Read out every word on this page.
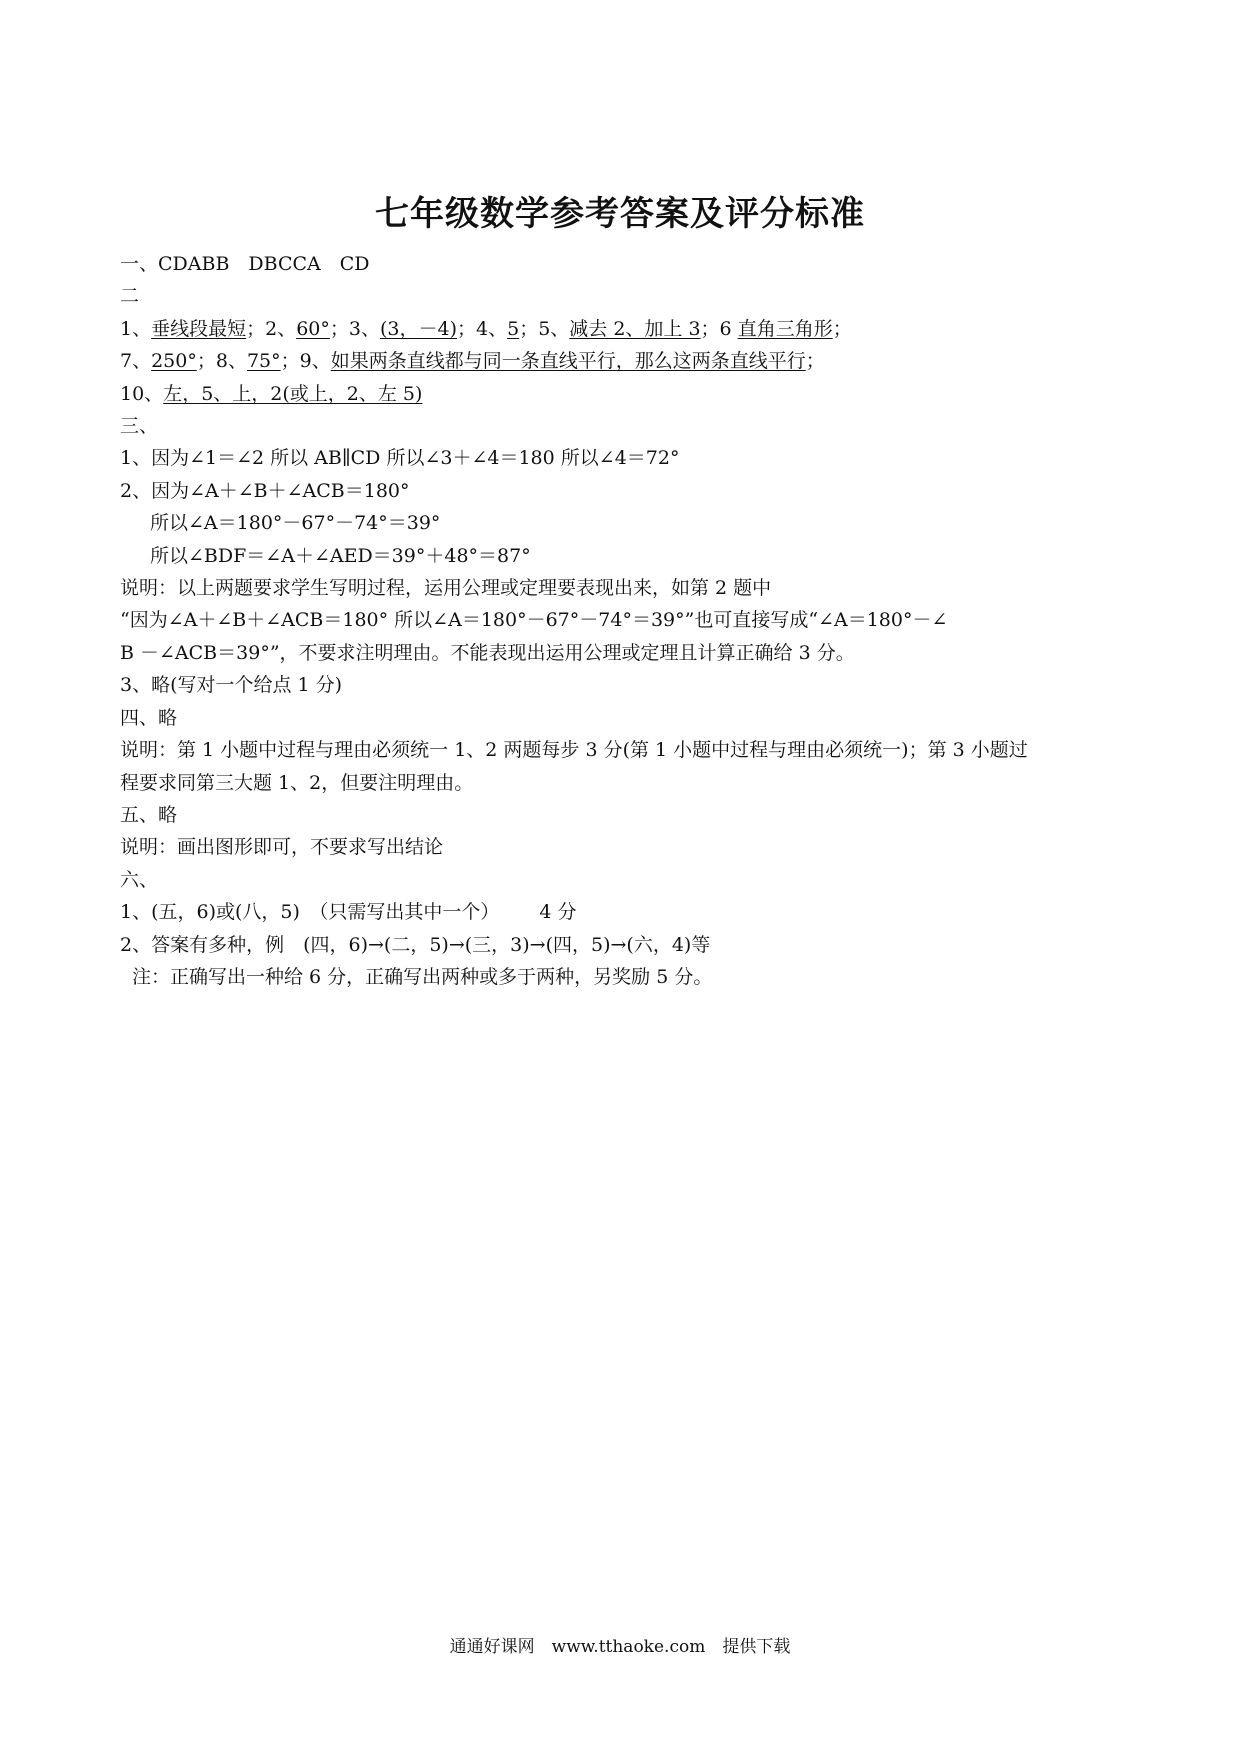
七年级数学参考答案及评分标准
一、CDABB　DBCCA　CD
二
1、垂线段最短；2、60°；3、(3，－4)；4、5；5、减去 2、加上 3；6 直角三角形；
7、250°；8、75°；9、如果两条直线都与同一条直线平行，那么这两条直线平行；
10、左，5、上，2(或上，2、左 5)
三、
1、因为∠1＝∠2 所以 AB∥CD 所以∠3＋∠4＝180 所以∠4＝72°
2、因为∠A＋∠B＋∠ACB＝180°
所以∠A＝180°－67°－74°＝39°
所以∠BDF＝∠A＋∠AED＝39°＋48°＝87°
说明：以上两题要求学生写明过程，运用公理或定理要表现出来，如第 2 题中
“因为∠A＋∠B＋∠ACB＝180° 所以∠A＝180°－67°－74°＝39°”也可直接写成“∠A＝180°－∠
B －∠ACB＝39°”，不要求注明理由。不能表现出运用公理或定理且计算正确给 3 分。
3、略(写对一个给点 1 分)
四、略
说明：第 1 小题中过程与理由必须统一 1、2 两题每步 3 分(第 1 小题中过程与理由必须统一)；第 3 小题过
程要求同第三大题 1、2，但要注明理由。
五、略
说明：画出图形即可，不要求写出结论
六、
1、(五，6)或(八，5)　（只需写出其中一个） 4 分
2、答案有多种，例　(四，6)→(二，5)→(三，3)→(四，5)→(六，4)等
注：正确写出一种给 6 分，正确写出两种或多于两种，另奖励 5 分。
通通好课网　www.tthaoke.com　提供下载
